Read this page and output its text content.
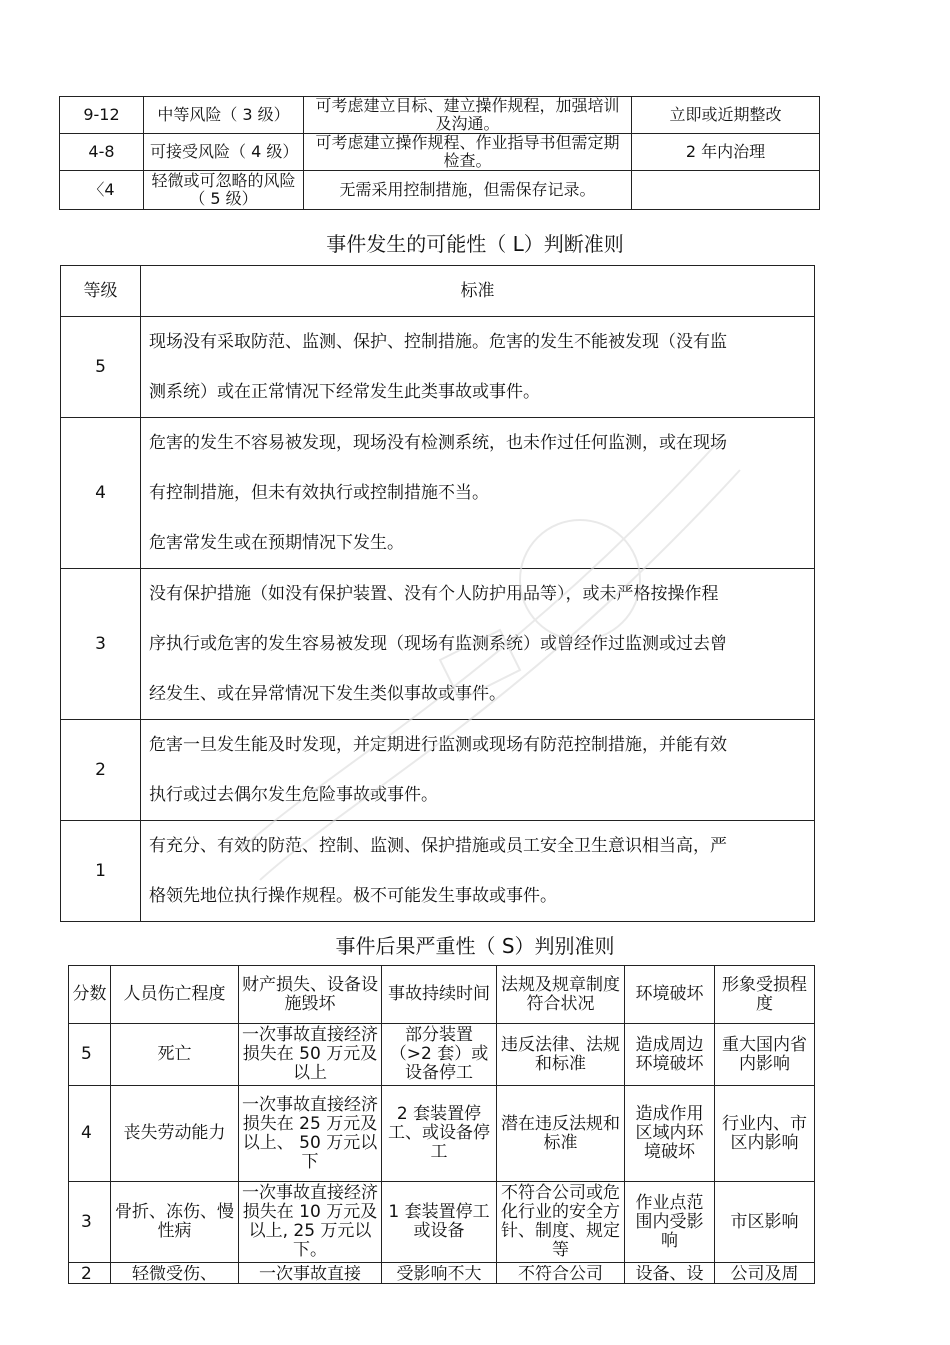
9-12	中等风险（ 3 级）	可考虑建立目标、建立操作规程，加强培训及沟通。	立即或近期整改
4-8	可接受风险（ 4 级）	可考虑建立操作规程、作业指导书但需定期检查。	2 年内治理
〈4	轻微或可忽略的风险（ 5 级）	无需采用控制措施，但需保存记录。	
事件发生的可能性（ L）判断准则
等级	标准
5	现场没有采取防范、监测、保护、控制措施。危害的发生不能被发现（没有监
测系统）或在正常情况下经常发生此类事故或事件。

4	危害的发生不容易被发现，现场没有检测系统，也未作过任何监测，或在现场
有控制措施，但未有效执行或控制措施不当。
危害常发生或在预期情况下发生。

3	没有保护措施（如没有保护装置、没有个人防护用品等），或未严格按操作程
序执行或危害的发生容易被发现（现场有监测系统）或曾经作过监测或过去曾
经发生、或在异常情况下发生类似事故或事件。

2	危害一旦发生能及时发现，并定期进行监测或现场有防范控制措施，并能有效
执行或过去偶尔发生危险事故或事件。

1	有充分、有效的防范、控制、监测、保护措施或员工安全卫生意识相当高，严
格领先地位执行操作规程。极不可能发生事故或事件。
事件后果严重性（ S）判别准则
分数	人员伤亡程度	财产损失、设备设施毁坏	事故持续时间	法规及规章制度符合状况	环境破坏	形象受损程度
5	死亡	一次事故直接经济损失在 50 万元及以上	部分装置（>2 套）或设备停工	违反法律、法规和标准	造成周边环境破坏	重大国内省内影响
4	丧失劳动能力	一次事故直接经济损失在 25 万元及以上、 50 万元以下	2 套装置停工、或设备停工	潜在违反法规和标准	造成作用区域内环境破坏	行业内、市区内影响
3	骨折、冻伤、慢性病	一次事故直接经济损失在 10 万元及以上, 25 万元以下。	1 套装置停工或设备	不符合公司或危化行业的安全方针、制度、规定等	作业点范围内受影响	市区影响

2	轻微受伤、	一次事故直接	受影响不大	不符合公司	设备、设	公司及周
